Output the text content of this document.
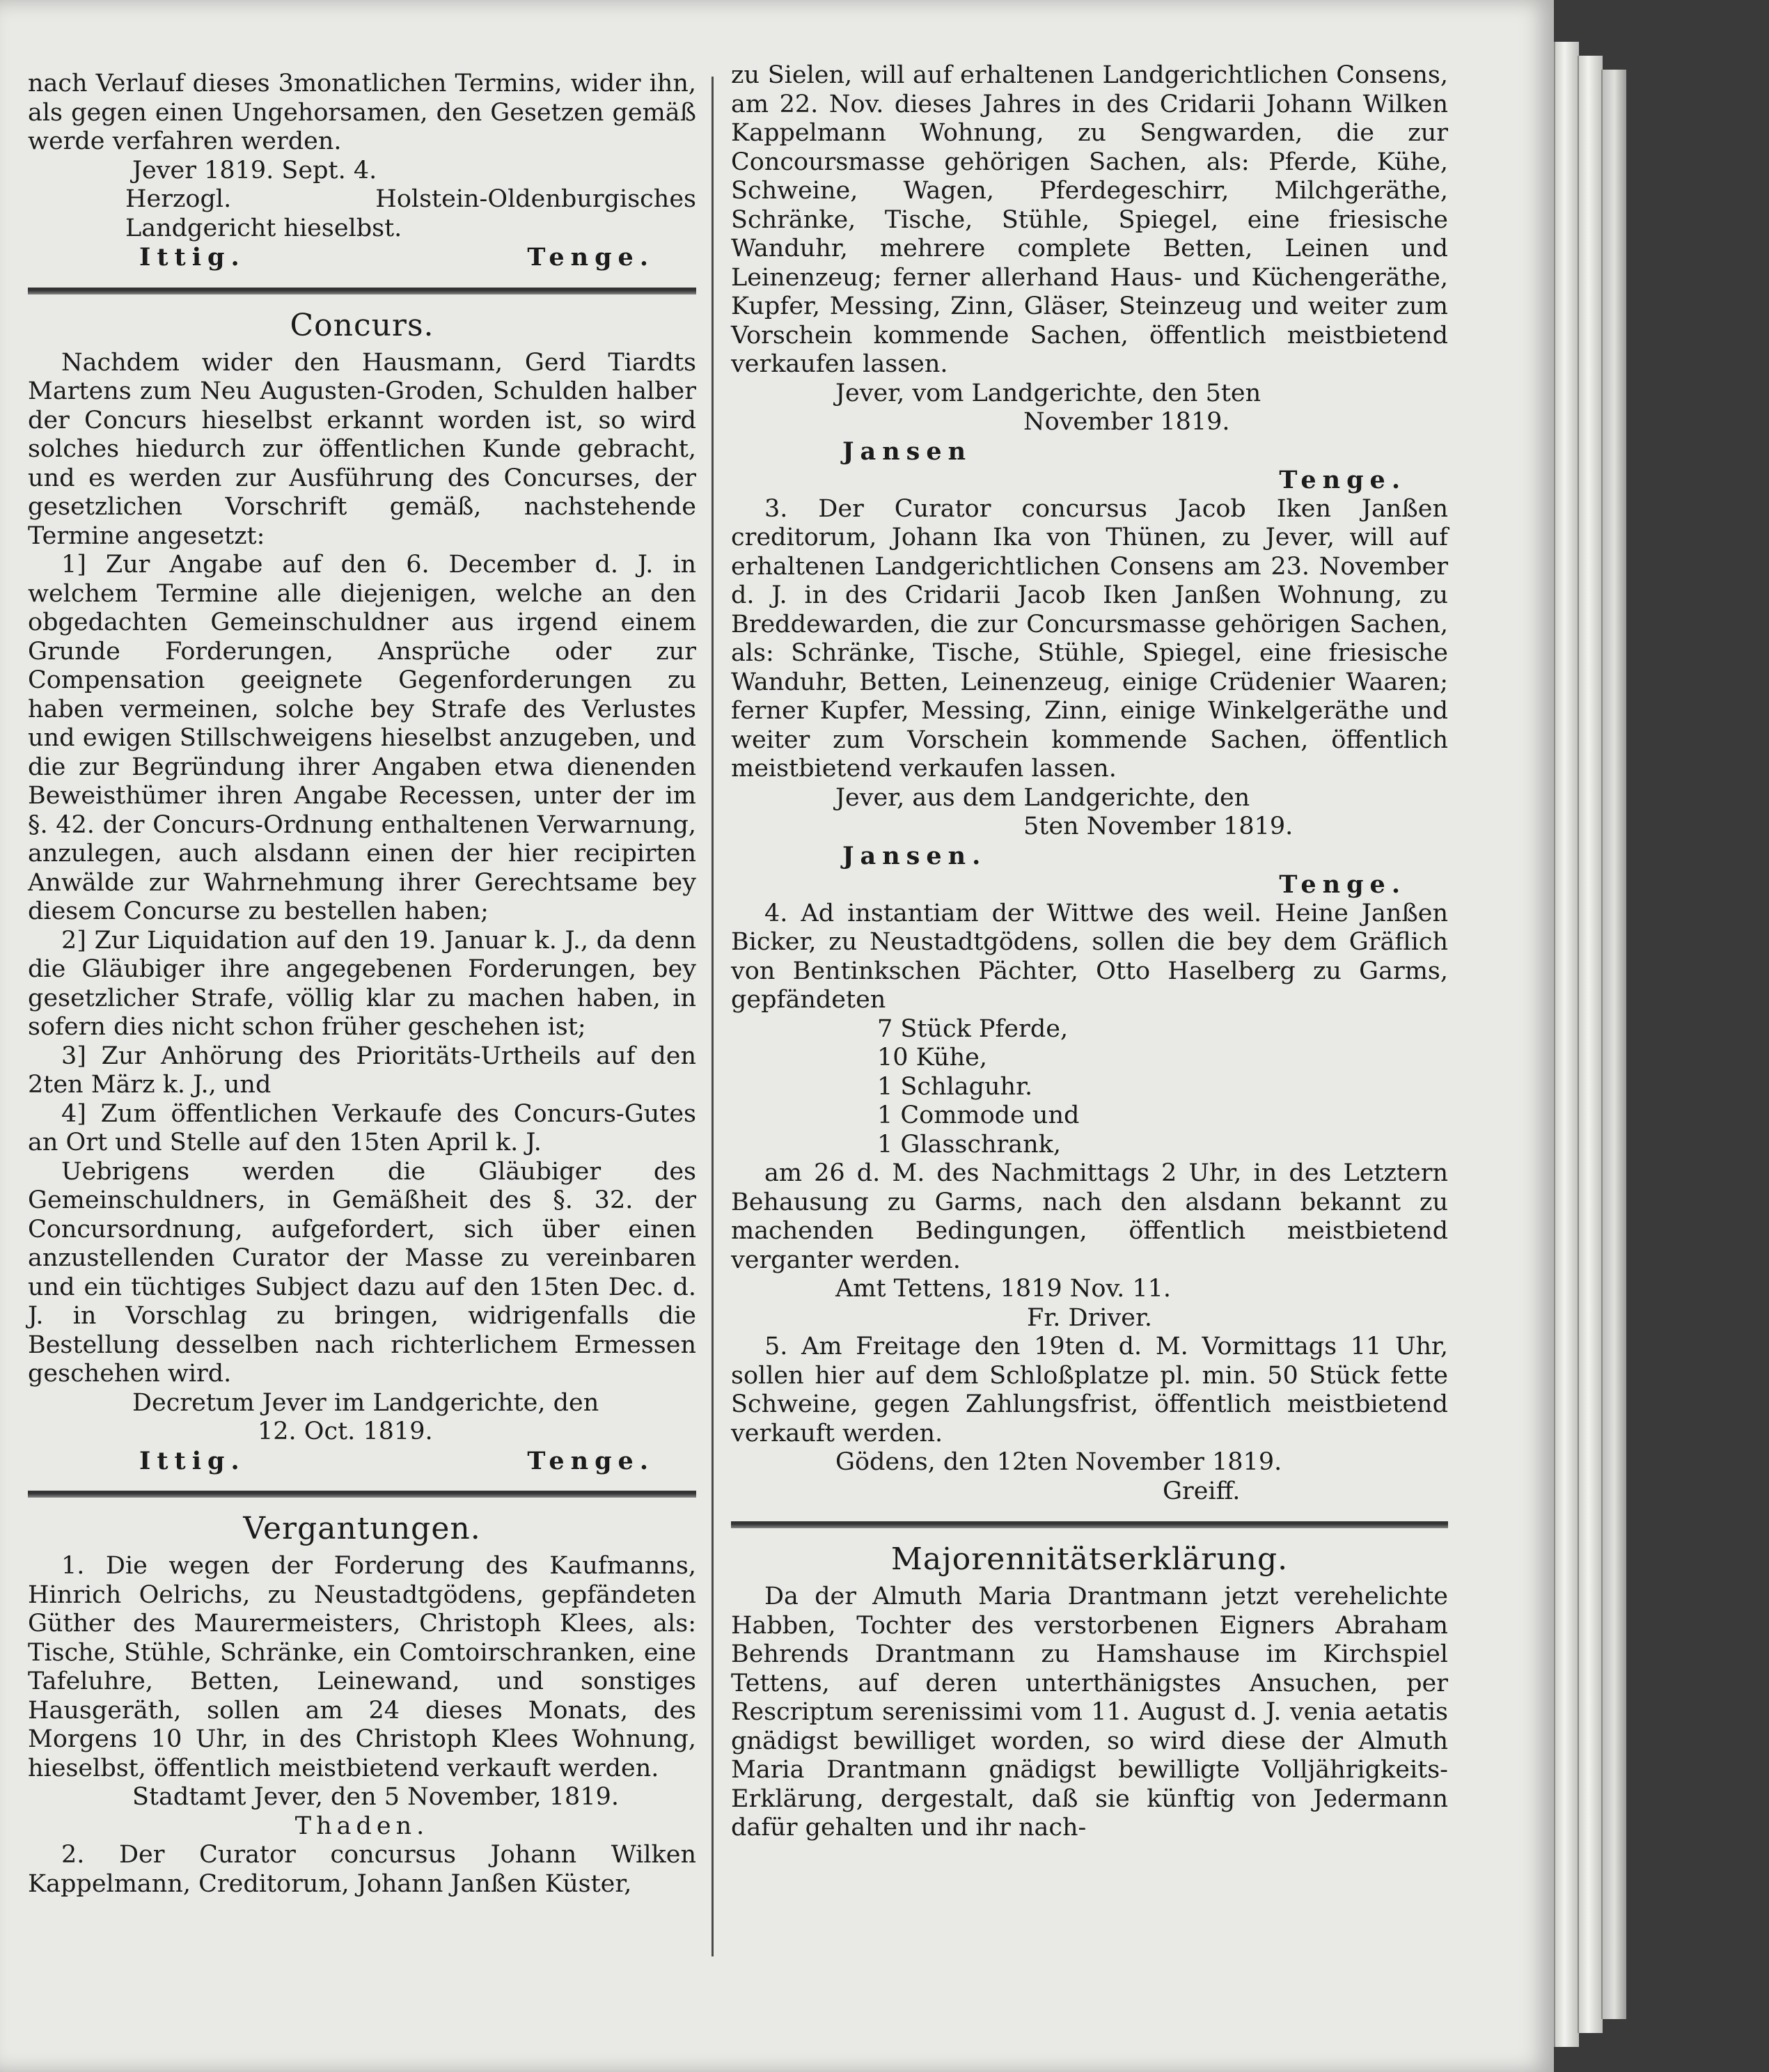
nach Verlauf dieses 3monatlichen Termins, wider ihn, als gegen einen Ungehorsamen, den Gesetzen gemäß werde verfahren werden.

Jever 1819. Sept. 4.

Herzogl. Holstein-Oldenburgisches Landgericht hieselbst.

Ittig.	Tenge.
Concurs.

Nachdem wider den Hausmann, Gerd Tiardts Martens zum Neu Augusten-Groden, Schulden halber der Concurs hieselbst erkannt worden ist, so wird solches hiedurch zur öffentlichen Kunde gebracht, und es werden zur Ausführung des Concurses, der gesetzlichen Vorschrift gemäß, nachstehende Termine angesetzt:

1] Zur Angabe auf den 6. December d. J. in welchem Termine alle diejenigen, welche an den obgedachten Gemeinschuldner aus irgend einem Grunde Forderungen, Ansprüche oder zur Compensation geeignete Gegenforderungen zu haben vermeinen, solche bey Strafe des Verlustes und ewigen Stillschweigens hieselbst anzugeben, und die zur Begründung ihrer Angaben etwa dienenden Beweisthümer ihren Angabe Recessen, unter der im §. 42. der Concurs-Ordnung enthaltenen Verwarnung, anzulegen, auch alsdann einen der hier recipirten Anwälde zur Wahrnehmung ihrer Gerechtsame bey diesem Concurse zu bestellen haben;

2] Zur Liquidation auf den 19. Januar k. J., da denn die Gläubiger ihre angegebenen Forderungen, bey gesetzlicher Strafe, völlig klar zu machen haben, in sofern dies nicht schon früher geschehen ist;

3] Zur Anhörung des Prioritäts-Urtheils auf den 2ten März k. J., und

4] Zum öffentlichen Verkaufe des Concurs-Gutes an Ort und Stelle auf den 15ten April k. J.

Uebrigens werden die Gläubiger des Gemeinschuldners, in Gemäßheit des §. 32. der Concursordnung, aufgefordert, sich über einen anzustellenden Curator der Masse zu vereinbaren und ein tüchtiges Subject dazu auf den 15ten Dec. d. J. in Vorschlag zu bringen, widrigenfalls die Bestellung desselben nach richterlichem Ermessen geschehen wird.

Decretum Jever im Landgerichte, den

12. Oct. 1819.

Ittig.	Tenge.
Vergantungen.

1. Die wegen der Forderung des Kaufmanns, Hinrich Oelrichs, zu Neustadtgödens, gepfändeten Güther des Maurermeisters, Christoph Klees, als: Tische, Stühle, Schränke, ein Comtoirschranken, eine Tafeluhre, Betten, Leinewand, und sonstiges Hausgeräth, sollen am 24 dieses Monats, des Morgens 10 Uhr, in des Christoph Klees Wohnung, hieselbst, öffentlich meistbietend verkauft werden.

Stadtamt Jever, den 5 November, 1819.

Thaden.

2. Der Curator concursus Johann Wilken Kappelmann, Creditorum, Johann Janßen Küster,

zu Sielen, will auf erhaltenen Landgerichtlichen Consens, am 22. Nov. dieses Jahres in des Cridarii Johann Wilken Kappelmann Wohnung, zu Sengwarden, die zur Concoursmasse gehörigen Sachen, als: Pferde, Kühe, Schweine, Wagen, Pferdegeschirr, Milchgeräthe, Schränke, Tische, Stühle, Spiegel, eine friesische Wanduhr, mehrere complete Betten, Leinen und Leinenzeug; ferner allerhand Haus- und Küchengeräthe, Kupfer, Messing, Zinn, Gläser, Steinzeug und weiter zum Vorschein kommende Sachen, öffentlich meistbietend verkaufen lassen.

Jever, vom Landgerichte, den 5ten

November 1819.

Jansen

Tenge.

3. Der Curator concursus Jacob Iken Janßen creditorum, Johann Ika von Thünen, zu Jever, will auf erhaltenen Landgerichtlichen Consens am 23. November d. J. in des Cridarii Jacob Iken Janßen Wohnung, zu Breddewarden, die zur Concursmasse gehörigen Sachen, als: Schränke, Tische, Stühle, Spiegel, eine friesische Wanduhr, Betten, Leinenzeug, einige Crüdenier Waaren; ferner Kupfer, Messing, Zinn, einige Winkelgeräthe und weiter zum Vorschein kommende Sachen, öffentlich meistbietend verkaufen lassen.

Jever, aus dem Landgerichte, den

5ten November 1819.

Jansen.

Tenge.

4. Ad instantiam der Wittwe des weil. Heine Janßen Bicker, zu Neustadtgödens, sollen die bey dem Gräflich von Bentinkschen Pächter, Otto Haselberg zu Garms, gepfändeten

7 Stück Pferde,
10 Kühe,
1 Schlaguhr.
1 Commode und
1 Glasschrank,

am 26 d. M. des Nachmittags 2 Uhr, in des Letztern Behausung zu Garms, nach den alsdann bekannt zu machenden Bedingungen, öffentlich meistbietend verganter werden.

Amt Tettens, 1819 Nov. 11.

Fr. Driver.

5. Am Freitage den 19ten d. M. Vormittags 11 Uhr, sollen hier auf dem Schloßplatze pl. min. 50 Stück fette Schweine, gegen Zahlungsfrist, öffentlich meistbietend verkauft werden.

Gödens, den 12ten November 1819.

Greiff.

Majorennitätserklärung.

Da der Almuth Maria Drantmann jetzt verehelichte Habben, Tochter des verstorbenen Eigners Abraham Behrends Drantmann zu Hamshause im Kirchspiel Tettens, auf deren unterthänigstes Ansuchen, per Rescriptum serenissimi vom 11. August d. J. venia aetatis gnädigst bewilliget worden, so wird diese der Almuth Maria Drantmann gnädigst bewilligte Volljährigkeits-Erklärung, dergestalt, daß sie künftig von Jedermann dafür gehalten und ihr nach-
